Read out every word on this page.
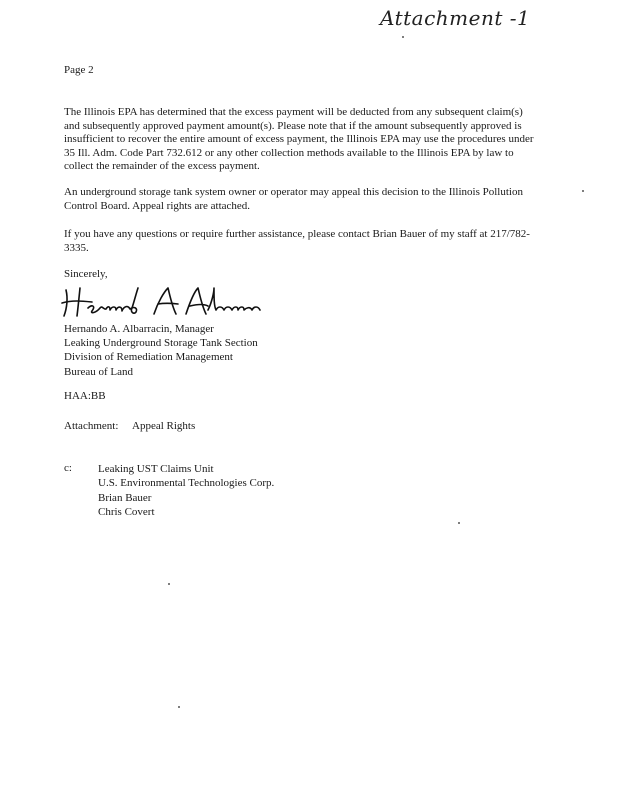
Attachment -1
Page 2
The Illinois EPA has determined that the excess payment will be deducted from any subsequent claim(s) and subsequently approved payment amount(s). Please note that if the amount subsequently approved is insufficient to recover the entire amount of excess payment, the Illinois EPA may use the procedures under 35 Ill. Adm. Code Part 732.612 or any other collection methods available to the Illinois EPA by law to collect the remainder of the excess payment.
An underground storage tank system owner or operator may appeal this decision to the Illinois Pollution Control Board. Appeal rights are attached.
If you have any questions or require further assistance, please contact Brian Bauer of my staff at 217/782-3335.
Sincerely,
Hernando A. Albarracin, Manager
Leaking Underground Storage Tank Section
Division of Remediation Management
Bureau of Land
HAA:BB
Attachment: Appeal Rights
c: Leaking UST Claims Unit
U.S. Environmental Technologies Corp.
Brian Bauer
Chris Covert
